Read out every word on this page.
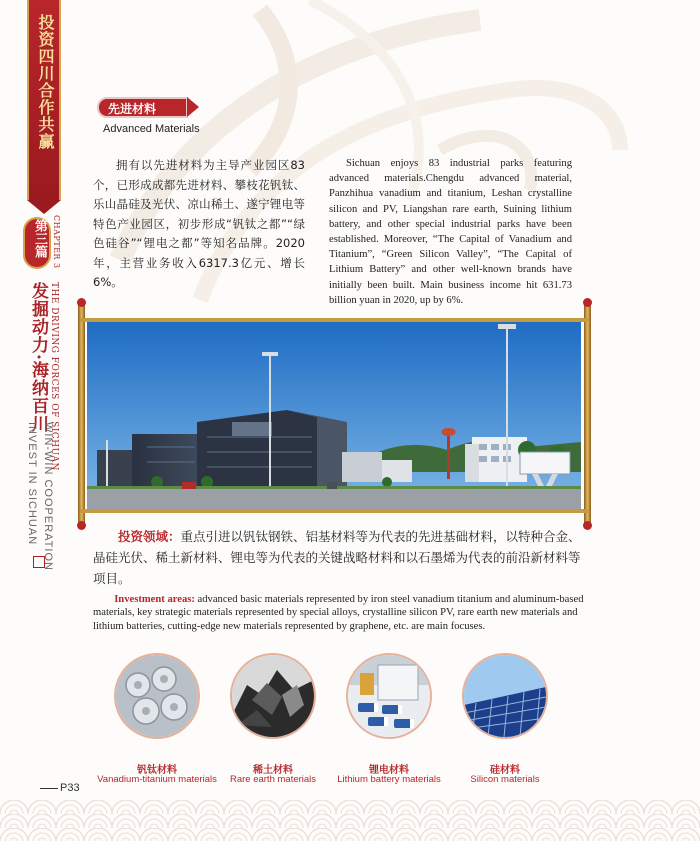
投资四川合作共赢
第三篇 CHAPTER 3
发掘动力·海纳百川 THE DRIVING FORCES OF SICHUAN
INVEST IN SICHUAN WIN-WIN COOPERATION
先进材料
Advanced Materials

拥有以先进材料为主导产业园区83个，已形成成都先进材料、攀枝花钒钛、乐山晶硅及光伏、凉山稀土、遂宁锂电等特色产业园区，初步形成“钒钛之都”“绿色硅谷”“锂电之都”等知名品牌。2020年，主营业务收入6317.3亿元、增长6%。

Sichuan enjoys 83 industrial parks featuring advanced materials.Chengdu advanced material, Panzhihua vanadium and titanium, Leshan crystalline silicon and PV, Liangshan rare earth, Suining lithium battery, and other special industrial parks have been established. Moreover, “The Capital of Vanadium and Titanium”, “Green Silicon Valley”, “The Capital of Lithium Battery” and other well-known brands have initially been built. Main business income hit 631.73 billion yuan in 2020, up by 6%.

投资领域：重点引进以钒钛钢铁、铝基材料等为代表的先进基础材料，以特种合金、晶硅光伏、稀土新材料、锂电等为代表的关键战略材料和以石墨烯为代表的前沿新材料等项目。

Investment areas: advanced basic materials represented by iron steel vanadium titanium and aluminum-based materials, key strategic materials represented by special alloys, crystalline silicon PV, rare earth new materials and lithium batteries, cutting-edge new materials represented by graphene, etc. are main focuses.

钒钛材料
Vanadium-titanium materials
稀土材料
Rare earth materials
锂电材料
Lithium battery materials
硅材料
Silicon materials
P33
